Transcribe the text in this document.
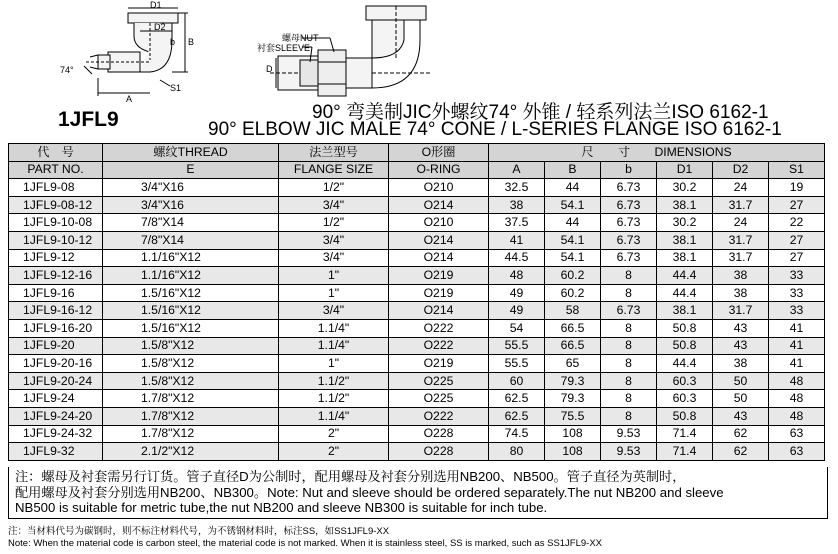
D1
D2
B
b
74°
A
S1
螺母NUT
衬套SLEEVE
D
1JFL9	90° 弯美制JIC外螺纹74° 外锥 / 轻系列法兰ISO 6162-1
90° ELBOW JIC MALE 74° CONE / L-SERIES FLANGE ISO 6162-1
代　号	螺纹THREAD	法兰型号	O形圈	尺　　寸　　DIMENSIONS					
PART NO.	E	FLANGE SIZE	O-RING	A	B	b	D1	D2	S1
1JFL9-08	3/4"X16	1/2"	O210	32.5	44	6.73	30.2	24	19
1JFL9-08-12	3/4"X16	3/4"	O214	38	54.1	6.73	38.1	31.7	27
1JFL9-10-08	7/8"X14	1/2"	O210	37.5	44	6.73	30.2	24	22
1JFL9-10-12	7/8"X14	3/4"	O214	41	54.1	6.73	38.1	31.7	27
1JFL9-12	1.1/16"X12	3/4"	O214	44.5	54.1	6.73	38.1	31.7	27
1JFL9-12-16	1.1/16"X12	1"	O219	48	60.2	8	44.4	38	33
1JFL9-16	1.5/16"X12	1"	O219	49	60.2	8	44.4	38	33
1JFL9-16-12	1.5/16"X12	3/4"	O214	49	58	6.73	38.1	31.7	33
1JFL9-16-20	1.5/16"X12	1.1/4"	O222	54	66.5	8	50.8	43	41
1JFL9-20	1.5/8"X12	1.1/4"	O222	55.5	66.5	8	50.8	43	41
1JFL9-20-16	1.5/8"X12	1"	O219	55.5	65	8	44.4	38	41
1JFL9-20-24	1.5/8"X12	1.1/2"	O225	60	79.3	8	60.3	50	48
1JFL9-24	1.7/8"X12	1.1/2"	O225	62.5	79.3	8	60.3	50	48
1JFL9-24-20	1.7/8"X12	1.1/4"	O222	62.5	75.5	8	50.8	43	48
1JFL9-24-32	1.7/8"X12	2"	O228	74.5	108	9.53	71.4	62	63
1JFL9-32	2.1/2"X12	2"	O228	80	108	9.53	71.4	62	63
注：螺母及衬套需另行订货。管子直径D为公制时，配用螺母及衬套分别选用NB200、NB500。管子直径为英制时，
配用螺母及衬套分别选用NB200、NB300。Note: Nut and sleeve should be ordered separately.The nut NB200 and sleeve
NB500 is suitable for metric tube,the nut NB200 and sleeve NB300 is suitable for inch tube.
注：当材料代号为碳钢时，则不标注材料代号，为不锈钢材料时，标注SS，如SS1JFL9-XX
Note: When the material code is carbon steel, the material code is not marked. When it is stainless steel, SS is marked, such as SS1JFL9-XX
